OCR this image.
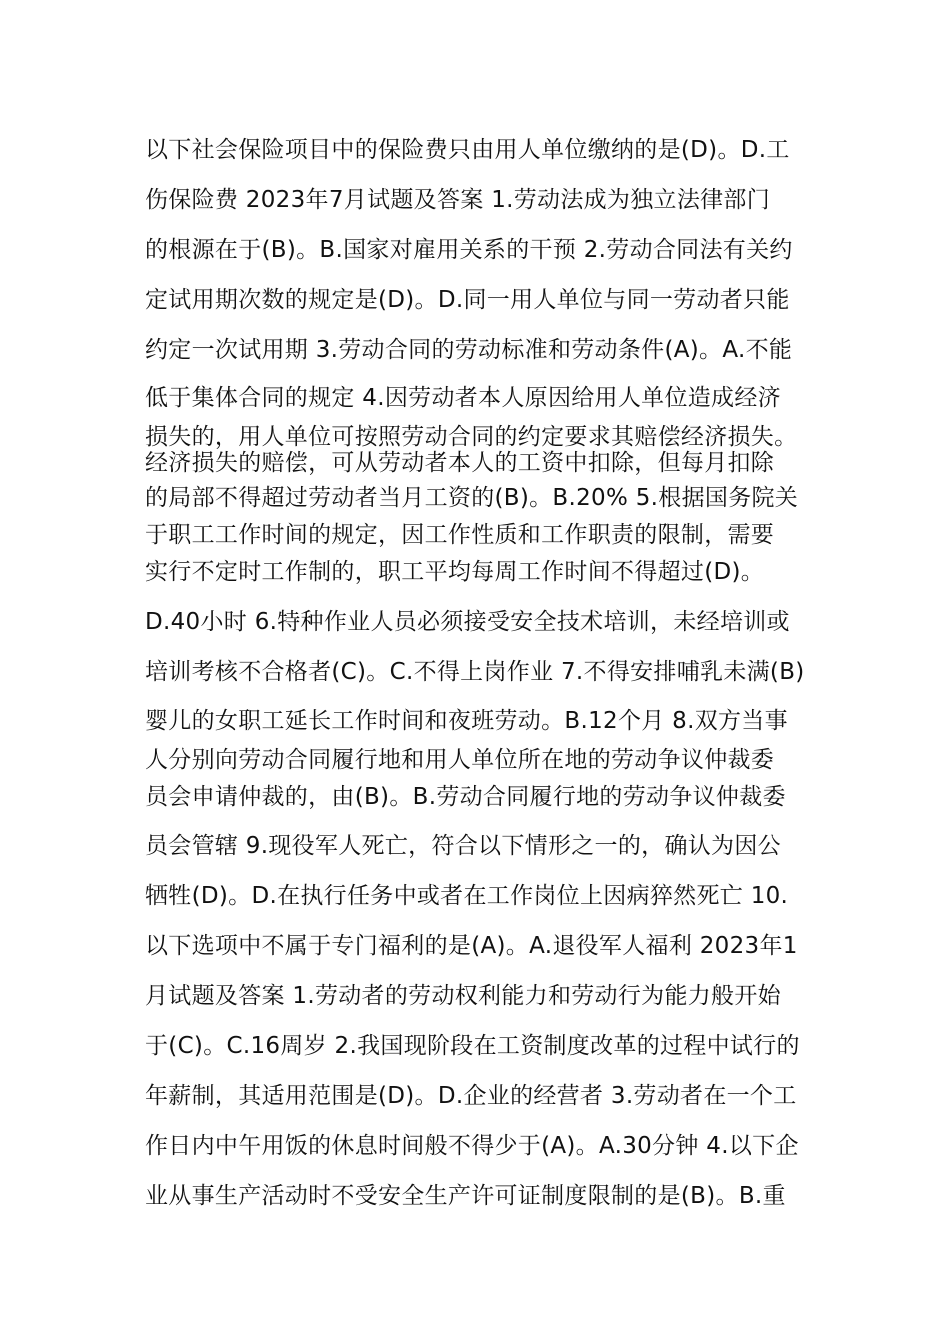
以下社会保险项目中的保险费只由用人单位缴纳的是(D)。D.工
伤保险费 2023年7月试题及答案 1.劳动法成为独立法律部门
的根源在于(B)。B.国家对雇用关系的干预 2.劳动合同法有关约
定试用期次数的规定是(D)。D.同一用人单位与同一劳动者只能
约定一次试用期 3.劳动合同的劳动标准和劳动条件(A)。A.不能
低于集体合同的规定 4.因劳动者本人原因给用人单位造成经济
损失的，用人单位可按照劳动合同的约定要求其赔偿经济损失。
经济损失的赔偿，可从劳动者本人的工资中扣除，但每月扣除
的局部不得超过劳动者当月工资的(B)。B.20% 5.根据国务院关
于职工工作时间的规定，因工作性质和工作职责的限制，需要
实行不定时工作制的，职工平均每周工作时间不得超过(D)。
D.40小时 6.特种作业人员必须接受安全技术培训，未经培训或
培训考核不合格者(C)。C.不得上岗作业 7.不得安排哺乳未满(B)
婴儿的女职工延长工作时间和夜班劳动。B.12个月 8.双方当事
人分别向劳动合同履行地和用人单位所在地的劳动争议仲裁委
员会申请仲裁的，由(B)。B.劳动合同履行地的劳动争议仲裁委
员会管辖 9.现役军人死亡，符合以下情形之一的，确认为因公
牺牲(D)。D.在执行任务中或者在工作岗位上因病猝然死亡 10.
以下选项中不属于专门福利的是(A)。A.退役军人福利 2023年1
月试题及答案 1.劳动者的劳动权利能力和劳动行为能力般开始
于(C)。C.16周岁 2.我国现阶段在工资制度改革的过程中试行的
年薪制，其适用范围是(D)。D.企业的经营者 3.劳动者在一个工
作日内中午用饭的休息时间般不得少于(A)。A.30分钟 4.以下企
业从事生产活动时不受安全生产许可证制度限制的是(B)。B.重
